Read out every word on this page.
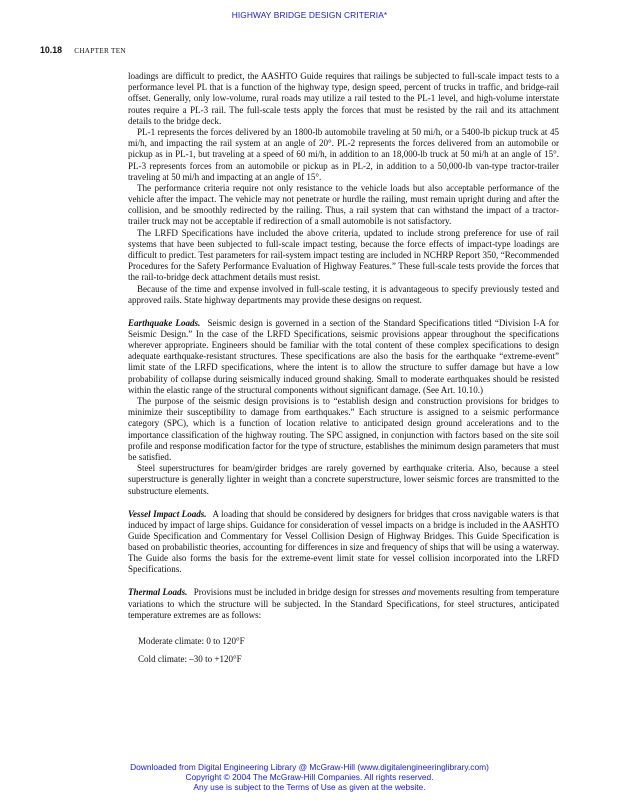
HIGHWAY BRIDGE DESIGN CRITERIA*
10.18 CHAPTER TEN

loadings are difficult to predict, the AASHTO Guide requires that railings be subjected to full-scale impact tests to a performance level PL that is a function of the highway type, design speed, percent of trucks in traffic, and bridge-rail offset. Generally, only low-volume, rural roads may utilize a rail tested to the PL-1 level, and high-volume interstate routes require a PL-3 rail. The full-scale tests apply the forces that must be resisted by the rail and its attachment details to the bridge deck.

PL-1 represents the forces delivered by an 1800-lb automobile traveling at 50 mi/h, or a 5400-lb pickup truck at 45 mi/h, and impacting the rail system at an angle of 20°. PL-2 represents the forces delivered from an automobile or pickup as in PL-1, but traveling at a speed of 60 mi/h, in addition to an 18,000-lb truck at 50 mi/h at an angle of 15°. PL-3 represents forces from an automobile or pickup as in PL-2, in addition to a 50,000-lb van-type tractor-trailer traveling at 50 mi/h and impacting at an angle of 15°.

The performance criteria require not only resistance to the vehicle loads but also acceptable performance of the vehicle after the impact. The vehicle may not penetrate or hurdle the railing, must remain upright during and after the collision, and be smoothly redirected by the railing. Thus, a rail system that can withstand the impact of a tractor-trailer truck may not be acceptable if redirection of a small automobile is not satisfactory.

The LRFD Specifications have included the above criteria, updated to include strong preference for use of rail systems that have been subjected to full-scale impact testing, because the force effects of impact-type loadings are difficult to predict. Test parameters for rail-system impact testing are included in NCHRP Report 350, “Recommended Procedures for the Safety Performance Evaluation of Highway Features.” These full-scale tests provide the forces that the rail-to-bridge deck attachment details must resist.

Because of the time and expense involved in full-scale testing, it is advantageous to specify previously tested and approved rails. State highway departments may provide these designs on request.

Earthquake Loads. Seismic design is governed in a section of the Standard Specifications titled “Division I-A for Seismic Design.” In the case of the LRFD Specifications, seismic provisions appear throughout the specifications wherever appropriate. Engineers should be familiar with the total content of these complex specifications to design adequate earthquake-resistant structures. These specifications are also the basis for the earthquake “extreme-event” limit state of the LRFD specifications, where the intent is to allow the structure to suffer damage but have a low probability of collapse during seismically induced ground shaking. Small to moderate earthquakes should be resisted within the elastic range of the structural components without significant damage. (See Art. 10.10.)

The purpose of the seismic design provisions is to “establish design and construction provisions for bridges to minimize their susceptibility to damage from earthquakes.” Each structure is assigned to a seismic performance category (SPC), which is a function of location relative to anticipated design ground accelerations and to the importance classification of the highway routing. The SPC assigned, in conjunction with factors based on the site soil profile and response modification factor for the type of structure, establishes the minimum design parameters that must be satisfied.

Steel superstructures for beam/girder bridges are rarely governed by earthquake criteria. Also, because a steel superstructure is generally lighter in weight than a concrete superstructure, lower seismic forces are transmitted to the substructure elements.

Vessel Impact Loads. A loading that should be considered by designers for bridges that cross navigable waters is that induced by impact of large ships. Guidance for consideration of vessel impacts on a bridge is included in the AASHTO Guide Specification and Commentary for Vessel Collision Design of Highway Bridges. This Guide Specification is based on probabilistic theories, accounting for differences in size and frequency of ships that will be using a waterway. The Guide also forms the basis for the extreme-event limit state for vessel collision incorporated into the LRFD Specifications.

Thermal Loads. Provisions must be included in bridge design for stresses and movements resulting from temperature variations to which the structure will be subjected. In the Standard Specifications, for steel structures, anticipated temperature extremes are as follows:

Moderate climate: 0 to 120°F
Cold climate: –30 to +120°F
Downloaded from Digital Engineering Library @ McGraw-Hill (www.digitalengineeringlibrary.com)
Copyright © 2004 The McGraw-Hill Companies. All rights reserved.
Any use is subject to the Terms of Use as given at the website.
